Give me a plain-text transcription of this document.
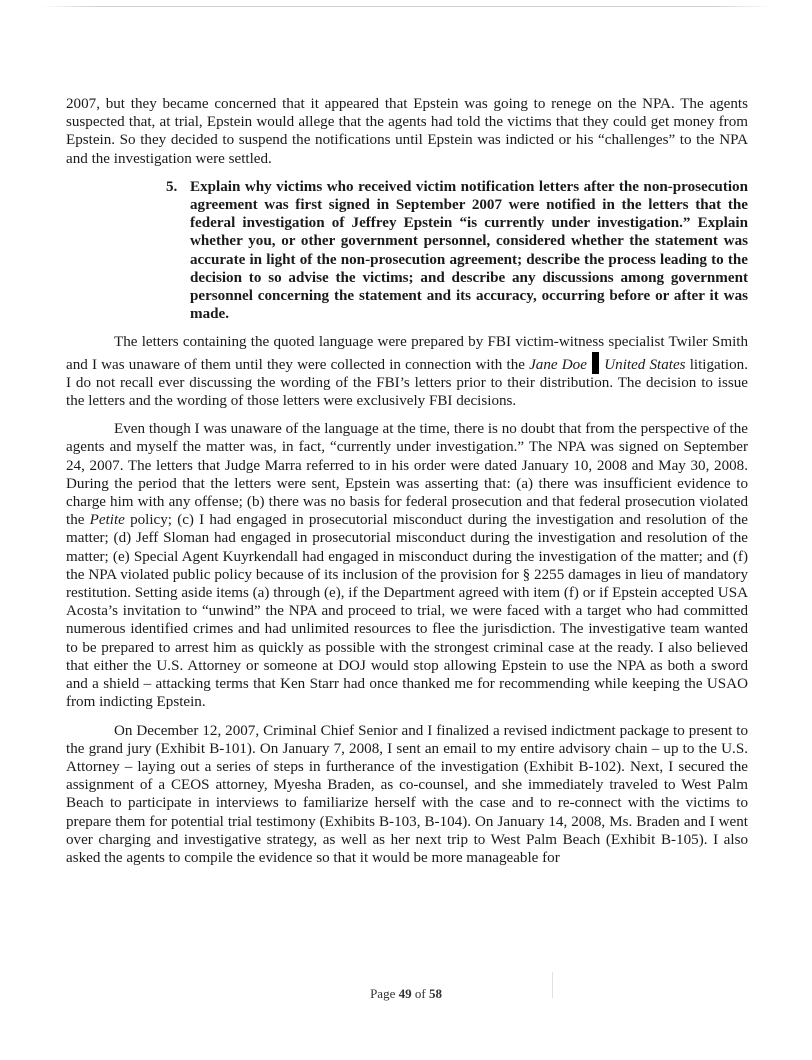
2007, but they became concerned that it appeared that Epstein was going to renege on the NPA. The agents suspected that, at trial, Epstein would allege that the agents had told the victims that they could get money from Epstein. So they decided to suspend the notifications until Epstein was indicted or his “challenges” to the NPA and the investigation were settled.

5. Explain why victims who received victim notification letters after the non-prosecution agreement was first signed in September 2007 were notified in the letters that the federal investigation of Jeffrey Epstein “is currently under investigation.” Explain whether you, or other government personnel, considered whether the statement was accurate in light of the non-prosecution agreement; describe the process leading to the decision to so advise the victims; and describe any discussions among government personnel concerning the statement and its accuracy, occurring before or after it was made.

The letters containing the quoted language were prepared by FBI victim-witness specialist Twiler Smith and I was unaware of them until they were collected in connection with the Jane Doe United States litigation. I do not recall ever discussing the wording of the FBI’s letters prior to their distribution. The decision to issue the letters and the wording of those letters were exclusively FBI decisions.

Even though I was unaware of the language at the time, there is no doubt that from the perspective of the agents and myself the matter was, in fact, “currently under investigation.” The NPA was signed on September 24, 2007. The letters that Judge Marra referred to in his order were dated January 10, 2008 and May 30, 2008. During the period that the letters were sent, Epstein was asserting that: (a) there was insufficient evidence to charge him with any offense; (b) there was no basis for federal prosecution and that federal prosecution violated the Petite policy; (c) I had engaged in prosecutorial misconduct during the investigation and resolution of the matter; (d) Jeff Sloman had engaged in prosecutorial misconduct during the investigation and resolution of the matter; (e) Special Agent Kuyrkendall had engaged in misconduct during the investigation of the matter; and (f) the NPA violated public policy because of its inclusion of the provision for § 2255 damages in lieu of mandatory restitution. Setting aside items (a) through (e), if the Department agreed with item (f) or if Epstein accepted USA Acosta’s invitation to “unwind” the NPA and proceed to trial, we were faced with a target who had committed numerous identified crimes and had unlimited resources to flee the jurisdiction. The investigative team wanted to be prepared to arrest him as quickly as possible with the strongest criminal case at the ready. I also believed that either the U.S. Attorney or someone at DOJ would stop allowing Epstein to use the NPA as both a sword and a shield – attacking terms that Ken Starr had once thanked me for recommending while keeping the USAO from indicting Epstein.

On December 12, 2007, Criminal Chief Senior and I finalized a revised indictment package to present to the grand jury (Exhibit B-101). On January 7, 2008, I sent an email to my entire advisory chain – up to the U.S. Attorney – laying out a series of steps in furtherance of the investigation (Exhibit B-102). Next, I secured the assignment of a CEOS attorney, Myesha Braden, as co-counsel, and she immediately traveled to West Palm Beach to participate in interviews to familiarize herself with the case and to re-connect with the victims to prepare them for potential trial testimony (Exhibits B-103, B-104). On January 14, 2008, Ms. Braden and I went over charging and investigative strategy, as well as her next trip to West Palm Beach (Exhibit B-105). I also asked the agents to compile the evidence so that it would be more manageable for

Page 49 of 58
